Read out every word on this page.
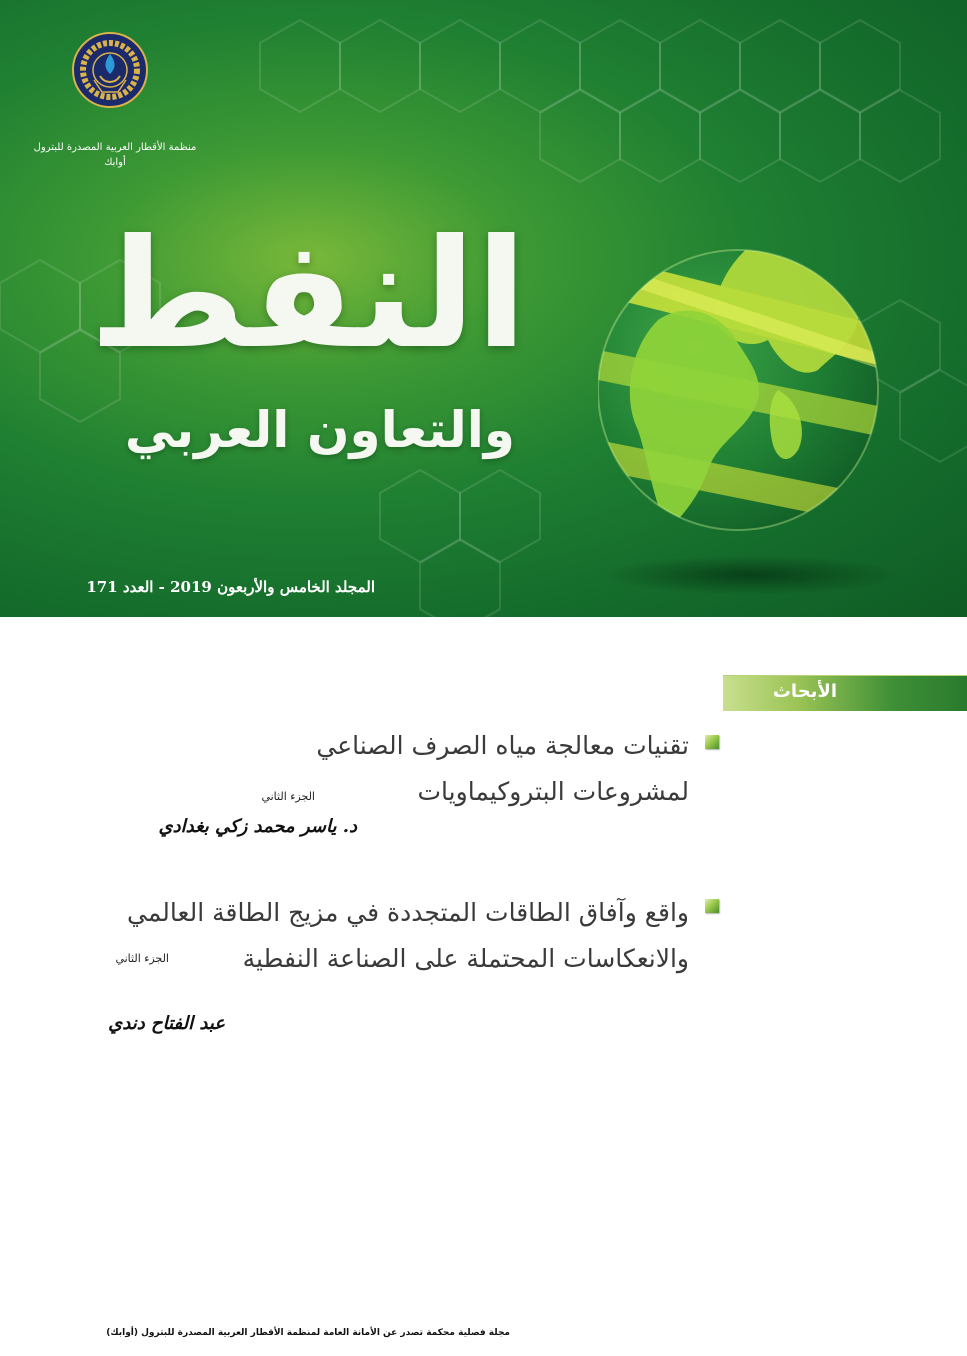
منظمة الأقطار العربية المصدرة للبترول
أوابك
النفط
والتعاون العربي
المجلد الخامس والأربعون 2019 - العدد 171
الأبحاث
تقنيات معالجة مياه الصرف الصناعي
لمشروعات البتروكيماويات
الجزء الثاني
د. ياسر محمد زكي بغدادي
واقع وآفاق الطاقات المتجددة في مزيج الطاقة العالمي
والانعكاسات المحتملة على الصناعة النفطية
الجزء الثاني
عبد الفتاح دندي
مجلة فصلية محكمة تصدر عن الأمانة العامة لمنظمة الأقطار العربية المصدرة للبترول (أوابك)
